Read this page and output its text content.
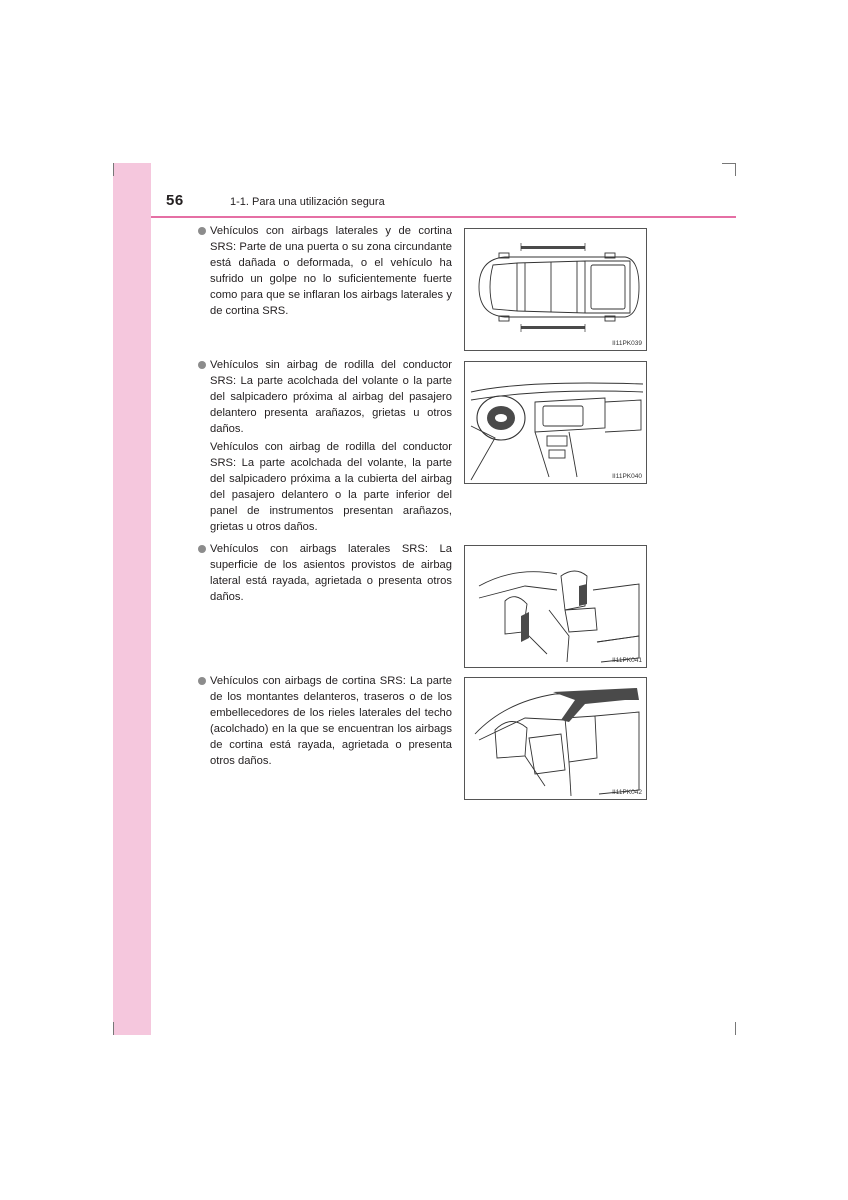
56	1-1. Para una utilización segura

Vehículos con airbags laterales y de cortina SRS: Parte de una puerta o su zona circundante está dañada o deformada, o el vehículo ha sufrido un golpe no lo suficientemente fuerte como para que se inflaran los airbags laterales y de cortina SRS.

Vehículos sin airbag de rodilla del conductor SRS: La parte acolchada del volante o la parte del salpicadero próxima al airbag del pasajero delantero presenta arañazos, grietas u otros daños.

Vehículos con airbag de rodilla del conductor SRS: La parte acolchada del volante, la parte del salpicadero próxima a la cubierta del airbag del pasajero delantero o la parte inferior del panel de instrumentos presentan arañazos, grietas u otros daños.

Vehículos con airbags laterales SRS: La superficie de los asientos provistos de airbag lateral está rayada, agrietada o presenta otros daños.

Vehículos con airbags de cortina SRS: La parte de los montantes delanteros, traseros o de los embellecedores de los rieles laterales del techo (acolchado) en la que se encuentran los airbags de cortina está rayada, agrietada o presenta otros daños.

II11PK039
II11PK040
II11PK041
II11PK042
